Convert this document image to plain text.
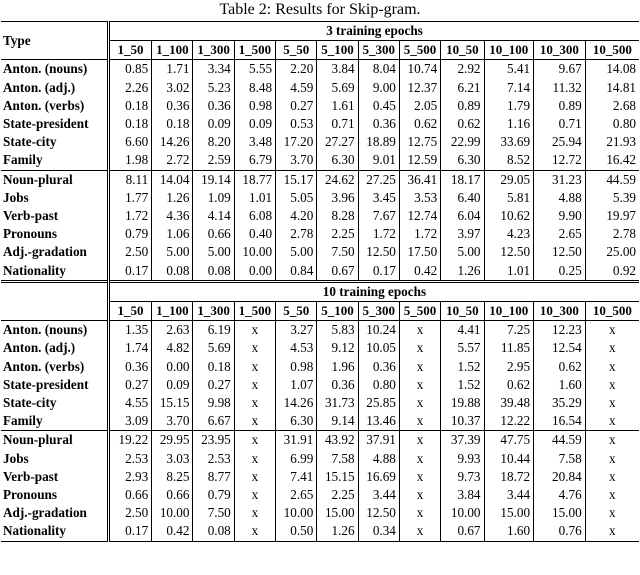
Table 2: Results for Skip-gram.
Type	3 training epochs											
	1_50	1_100	1_300	1_500	5_50	5_100	5_300	5_500	10_50	10_100	10_300	10_500
Anton. (nouns)	0.85	1.71	3.34	5.55	2.20	3.84	8.04	10.74	2.92	5.41	9.67	14.08
Anton. (adj.)	2.26	3.02	5.23	8.48	4.59	5.69	9.00	12.37	6.21	7.14	11.32	14.81
Anton. (verbs)	0.18	0.36	0.36	0.98	0.27	1.61	0.45	2.05	0.89	1.79	0.89	2.68
State-president	0.18	0.18	0.09	0.09	0.53	0.71	0.36	0.62	0.62	1.16	0.71	0.80
State-city	6.60	14.26	8.20	3.48	17.20	27.27	18.89	12.75	22.99	33.69	25.94	21.93
Family	1.98	2.72	2.59	6.79	3.70	6.30	9.01	12.59	6.30	8.52	12.72	16.42
Noun-plural	8.11	14.04	19.14	18.77	15.17	24.62	27.25	36.41	18.17	29.05	31.23	44.59
Jobs	1.77	1.26	1.09	1.01	5.05	3.96	3.45	3.53	6.40	5.81	4.88	5.39
Verb-past	1.72	4.36	4.14	6.08	4.20	8.28	7.67	12.74	6.04	10.62	9.90	19.97
Pronouns	0.79	1.06	0.66	0.40	2.78	2.25	1.72	1.72	3.97	4.23	2.65	2.78
Adj.-gradation	2.50	5.00	5.00	10.00	5.00	7.50	12.50	17.50	5.00	12.50	12.50	25.00
Nationality	0.17	0.08	0.08	0.00	0.84	0.67	0.17	0.42	1.26	1.01	0.25	0.92
	10 training epochs											
	1_50	1_100	1_300	1_500	5_50	5_100	5_300	5_500	10_50	10_100	10_300	10_500
Anton. (nouns)	1.35	2.63	6.19	x	3.27	5.83	10.24	x	4.41	7.25	12.23	x
Anton. (adj.)	1.74	4.82	5.69	x	4.53	9.12	10.05	x	5.57	11.85	12.54	x
Anton. (verbs)	0.36	0.00	0.18	x	0.98	1.96	0.36	x	1.52	2.95	0.62	x
State-president	0.27	0.09	0.27	x	1.07	0.36	0.80	x	1.52	0.62	1.60	x
State-city	4.55	15.15	9.98	x	14.26	31.73	25.85	x	19.88	39.48	35.29	x
Family	3.09	3.70	6.67	x	6.30	9.14	13.46	x	10.37	12.22	16.54	x
Noun-plural	19.22	29.95	23.95	x	31.91	43.92	37.91	x	37.39	47.75	44.59	x
Jobs	2.53	3.03	2.53	x	6.99	7.58	4.88	x	9.93	10.44	7.58	x
Verb-past	2.93	8.25	8.77	x	7.41	15.15	16.69	x	9.73	18.72	20.84	x
Pronouns	0.66	0.66	0.79	x	2.65	2.25	3.44	x	3.84	3.44	4.76	x
Adj.-gradation	2.50	10.00	7.50	x	10.00	15.00	12.50	x	10.00	15.00	15.00	x
Nationality	0.17	0.42	0.08	x	0.50	1.26	0.34	x	0.67	1.60	0.76	x
